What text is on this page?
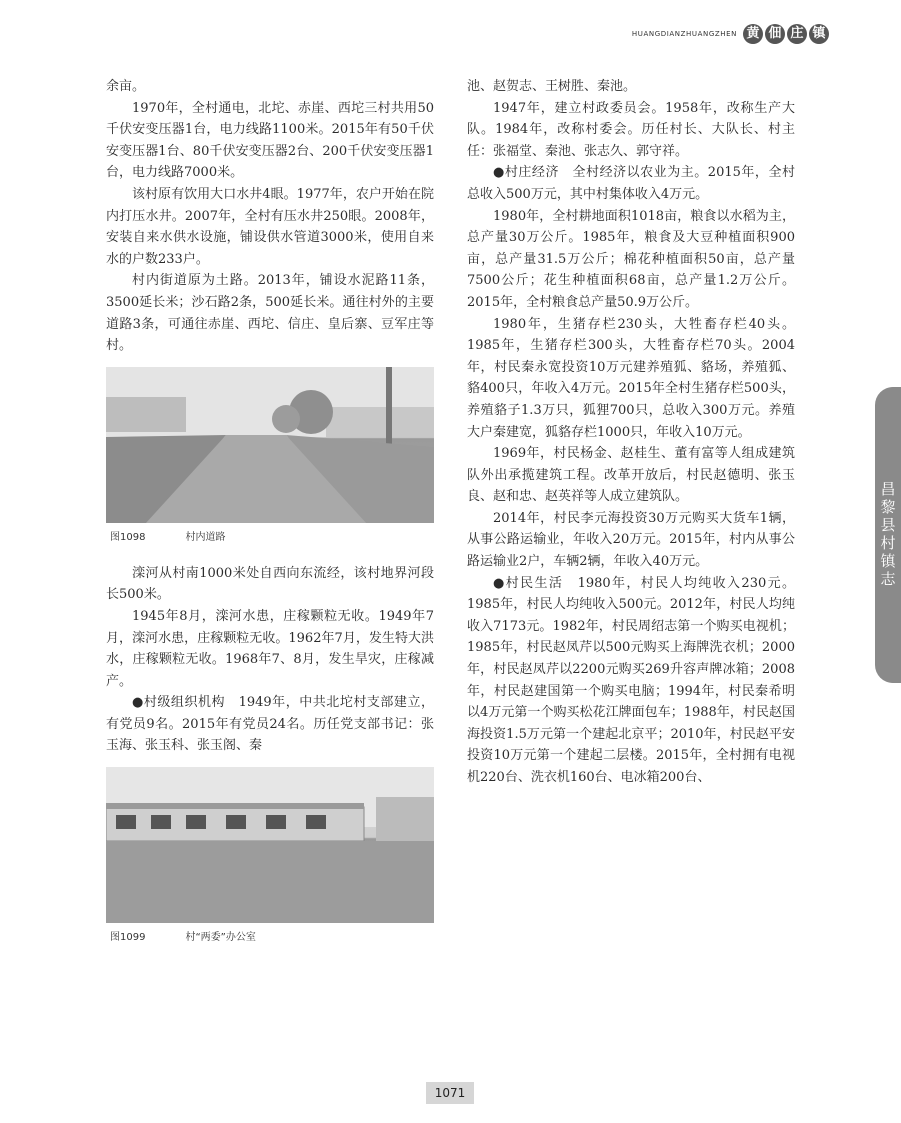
HUANGDIANZHUANGZHEN 黄 佃 庄 镇

余亩。

1970年，全村通电，北坨、赤崖、西坨三村共用50千伏安变压器1台，电力线路1100米。2015年有50千伏安变压器1台、80千伏安变压器2台、200千伏安变压器1台，电力线路7000米。

该村原有饮用大口水井4眼。1977年，农户开始在院内打压水井。2007年，全村有压水井250眼。2008年，安装自来水供水设施，铺设供水管道3000米，使用自来水的户数233户。

村内街道原为土路。2013年，铺设水泥路11条，3500延长米；沙石路2条，500延长米。通往村外的主要道路3条，可通往赤崖、西坨、信庄、皇后寨、豆军庄等村。

图1098	村内道路

滦河从村南1000米处自西向东流经，该村地界河段长500米。

1945年8月，滦河水患，庄稼颗粒无收。1949年7月，滦河水患，庄稼颗粒无收。1962年7月，发生特大洪水，庄稼颗粒无收。1968年7、8月，发生旱灾，庄稼减产。

●村级组织机构　1949年，中共北坨村支部建立，有党员9名。2015年有党员24名。历任党支部书记：张玉海、张玉科、张玉阁、秦

图1099	村“两委”办公室

池、赵贺志、王树胜、秦池。

1947年，建立村政委员会。1958年，改称生产大队。1984年，改称村委会。历任村长、大队长、村主任：张福堂、秦池、张志久、郭守祥。

●村庄经济　全村经济以农业为主。2015年，全村总收入500万元，其中村集体收入4万元。

1980年，全村耕地面积1018亩，粮食以水稻为主，总产量30万公斤。1985年，粮食及大豆种植面积900亩，总产量31.5万公斤；棉花种植面积50亩，总产量7500公斤；花生种植面积68亩，总产量1.2万公斤。2015年，全村粮食总产量50.9万公斤。

1980年，生猪存栏230头，大牲畜存栏40头。1985年，生猪存栏300头，大牲畜存栏70头。2004年，村民秦永宽投资10万元建养殖狐、貉场，养殖狐、貉400只，年收入4万元。2015年全村生猪存栏500头，养殖貉子1.3万只，狐狸700只，总收入300万元。养殖大户秦建宽，狐貉存栏1000只，年收入10万元。

1969年，村民杨金、赵桂生、董有富等人组成建筑队外出承揽建筑工程。改革开放后，村民赵德明、张玉良、赵和忠、赵英祥等人成立建筑队。

2014年，村民李元海投资30万元购买大货车1辆，从事公路运输业，年收入20万元。2015年，村内从事公路运输业2户，车辆2辆，年收入40万元。

●村民生活　1980年，村民人均纯收入230元。1985年，村民人均纯收入500元。2012年，村民人均纯收入7173元。1982年，村民周绍志第一个购买电视机；1985年，村民赵凤芹以500元购买上海牌洗衣机；2000年，村民赵凤芹以2200元购买269升容声牌冰箱；2008年，村民赵建国第一个购买电脑；1994年，村民秦希明以4万元第一个购买松花江牌面包车；1988年，村民赵国海投资1.5万元第一个建起北京平；2010年，村民赵平安投资10万元第一个建起二层楼。2015年，全村拥有电视机220台、洗衣机160台、电冰箱200台、

昌黎县村镇志
1071
